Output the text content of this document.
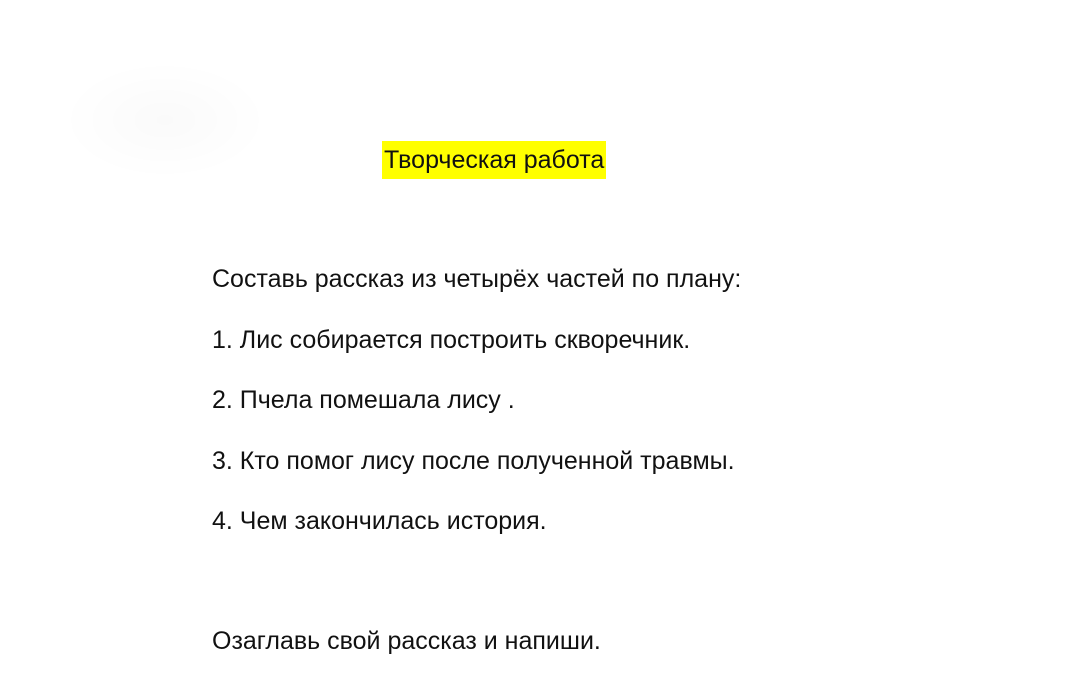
Творческая работа
Составь рассказ из четырёх частей по плану:
1. Лис собирается построить скворечник.
2. Пчела помешала лису .
3. Кто помог лису после полученной травмы.
4. Чем закончилась история.
Озаглавь свой рассказ и напиши.
